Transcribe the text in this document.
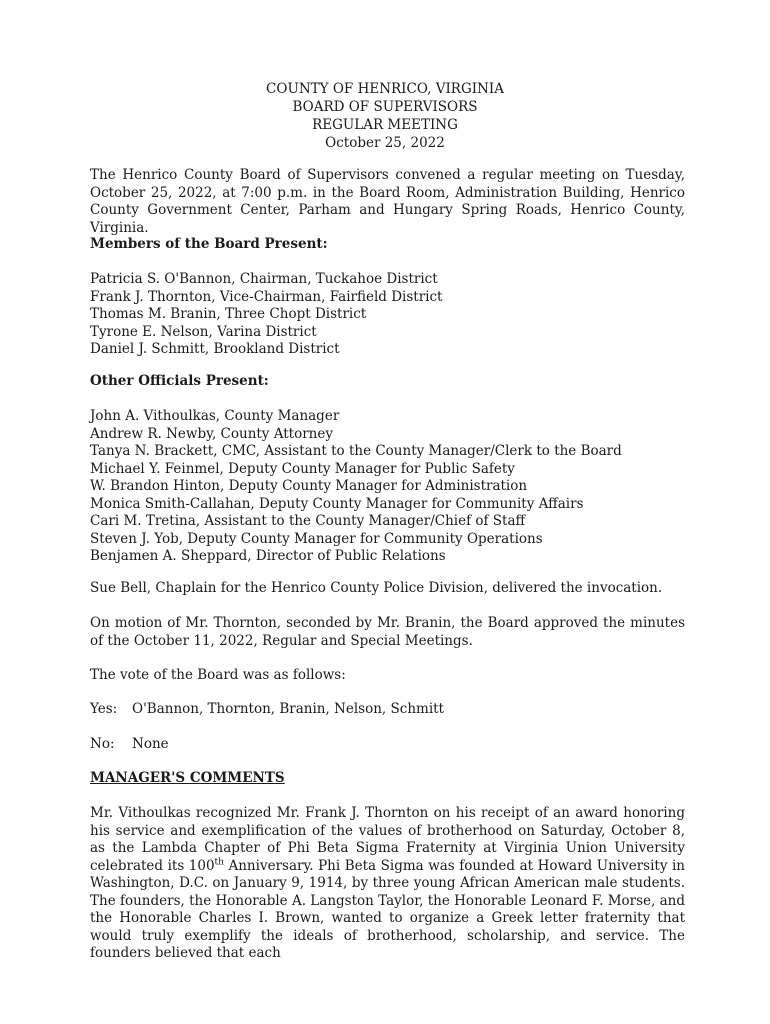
COUNTY OF HENRICO, VIRGINIA
BOARD OF SUPERVISORS
REGULAR MEETING
October 25, 2022
The Henrico County Board of Supervisors convened a regular meeting on Tuesday, October 25, 2022, at 7:00 p.m. in the Board Room, Administration Building, Henrico County Government Center, Parham and Hungary Spring Roads, Henrico County, Virginia.
Members of the Board Present:
Patricia S. O'Bannon, Chairman, Tuckahoe District
Frank J. Thornton, Vice-Chairman, Fairfield District
Thomas M. Branin, Three Chopt District
Tyrone E. Nelson, Varina District
Daniel J. Schmitt, Brookland District
Other Officials Present:
John A. Vithoulkas, County Manager
Andrew R. Newby, County Attorney
Tanya N. Brackett, CMC, Assistant to the County Manager/Clerk to the Board
Michael Y. Feinmel, Deputy County Manager for Public Safety
W. Brandon Hinton, Deputy County Manager for Administration
Monica Smith-Callahan, Deputy County Manager for Community Affairs
Cari M. Tretina, Assistant to the County Manager/Chief of Staff
Steven J. Yob, Deputy County Manager for Community Operations
Benjamen A. Sheppard, Director of Public Relations
Sue Bell, Chaplain for the Henrico County Police Division, delivered the invocation.
On motion of Mr. Thornton, seconded by Mr. Branin, the Board approved the minutes of the October 11, 2022, Regular and Special Meetings.
The vote of the Board was as follows:
Yes: O'Bannon, Thornton, Branin, Nelson, Schmitt
No: None
MANAGER'S COMMENTS
Mr. Vithoulkas recognized Mr. Frank J. Thornton on his receipt of an award honoring his service and exemplification of the values of brotherhood on Saturday, October 8, as the Lambda Chapter of Phi Beta Sigma Fraternity at Virginia Union University celebrated its 100th Anniversary. Phi Beta Sigma was founded at Howard University in Washington, D.C. on January 9, 1914, by three young African American male students. The founders, the Honorable A. Langston Taylor, the Honorable Leonard F. Morse, and the Honorable Charles I. Brown, wanted to organize a Greek letter fraternity that would truly exemplify the ideals of brotherhood, scholarship, and service. The founders believed that each
